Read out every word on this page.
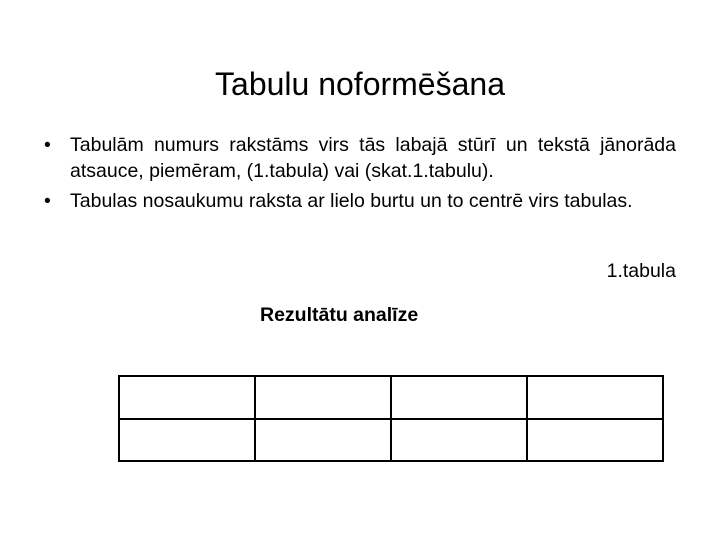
Tabulu noformēšana
• Tabulām numurs rakstāms virs tās labajā stūrī un tekstā jānorāda atsauce, piemēram, (1.tabula) vai (skat.1.tabulu).
• Tabulas nosaukumu raksta ar lielo burtu un to centrē virs tabulas.
1.tabula
Rezultātu analīze
